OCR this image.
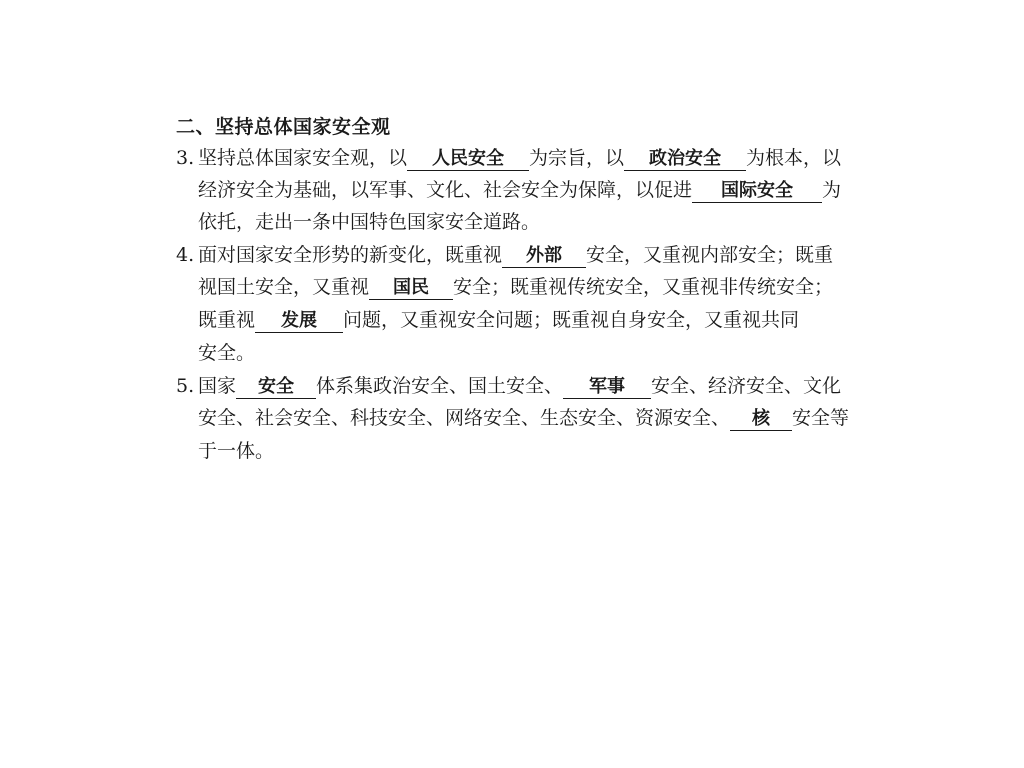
二、坚持总体国家安全观
3. 坚持总体国家安全观，以 人民安全 为宗旨，以 政治安全 为根本，以
经济安全为基础，以军事、文化、社会安全为保障，以促进 国际安全 为
依托，走出一条中国特色国家安全道路。
4. 面对国家安全形势的新变化，既重视 外部 安全，又重视内部安全；既重
视国土安全，又重视 国民 安全；既重视传统安全，又重视非传统安全；
既重视 发展 问题，又重视安全问题；既重视自身安全，又重视共同
安全。
5. 国家 安全 体系集政治安全、国土安全、 军事 安全、经济安全、文化
安全、社会安全、科技安全、网络安全、生态安全、资源安全、 核 安全等
于一体。
